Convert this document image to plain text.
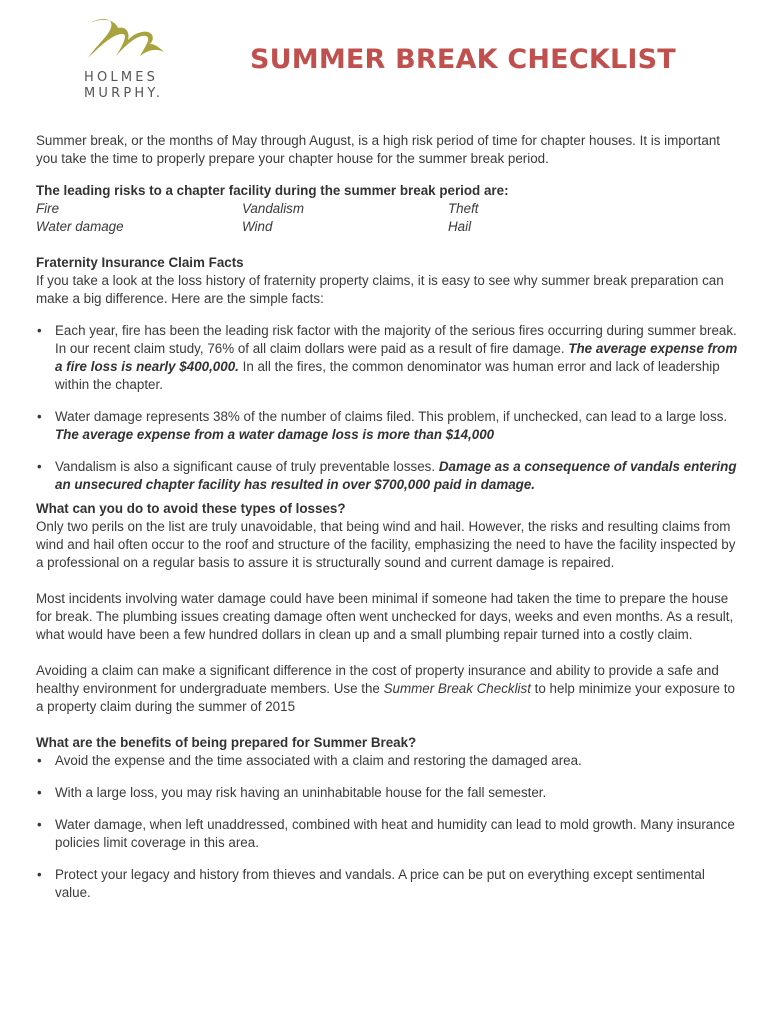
HOLMES
MURPHY.
SUMMER BREAK CHECKLIST

Summer break, or the months of May through August, is a high risk period of time for chapter houses. It is important you take the time to properly prepare your chapter house for the summer break period.

The leading risks to a chapter facility during the summer break period are:

Fire	Vandalism	Theft
Water damage	Wind	Hail

Fraternity Insurance Claim Facts

If you take a look at the loss history of fraternity property claims, it is easy to see why summer break preparation can make a big difference. Here are the simple facts:

• Each year, fire has been the leading risk factor with the majority of the serious fires occurring during summer break. In our recent claim study, 76% of all claim dollars were paid as a result of fire damage. The average expense from a fire loss is nearly $400,000. In all the fires, the common denominator was human error and lack of leadership within the chapter.
• Water damage represents 38% of the number of claims filed. This problem, if unchecked, can lead to a large loss. The average expense from a water damage loss is more than $14,000
• Vandalism is also a significant cause of truly preventable losses. Damage as a consequence of vandals entering an unsecured chapter facility has resulted in over $700,000 paid in damage.

What can you do to avoid these types of losses?

Only two perils on the list are truly unavoidable, that being wind and hail. However, the risks and resulting claims from wind and hail often occur to the roof and structure of the facility, emphasizing the need to have the facility inspected by a professional on a regular basis to assure it is structurally sound and current damage is repaired.

Most incidents involving water damage could have been minimal if someone had taken the time to prepare the house for break. The plumbing issues creating damage often went unchecked for days, weeks and even months. As a result, what would have been a few hundred dollars in clean up and a small plumbing repair turned into a costly claim.

Avoiding a claim can make a significant difference in the cost of property insurance and ability to provide a safe and healthy environment for undergraduate members. Use the Summer Break Checklist to help minimize your exposure to a property claim during the summer of 2015

What are the benefits of being prepared for Summer Break?

• Avoid the expense and the time associated with a claim and restoring the damaged area.
• With a large loss, you may risk having an uninhabitable house for the fall semester.
• Water damage, when left unaddressed, combined with heat and humidity can lead to mold growth. Many insurance policies limit coverage in this area.
• Protect your legacy and history from thieves and vandals. A price can be put on everything except sentimental value.
